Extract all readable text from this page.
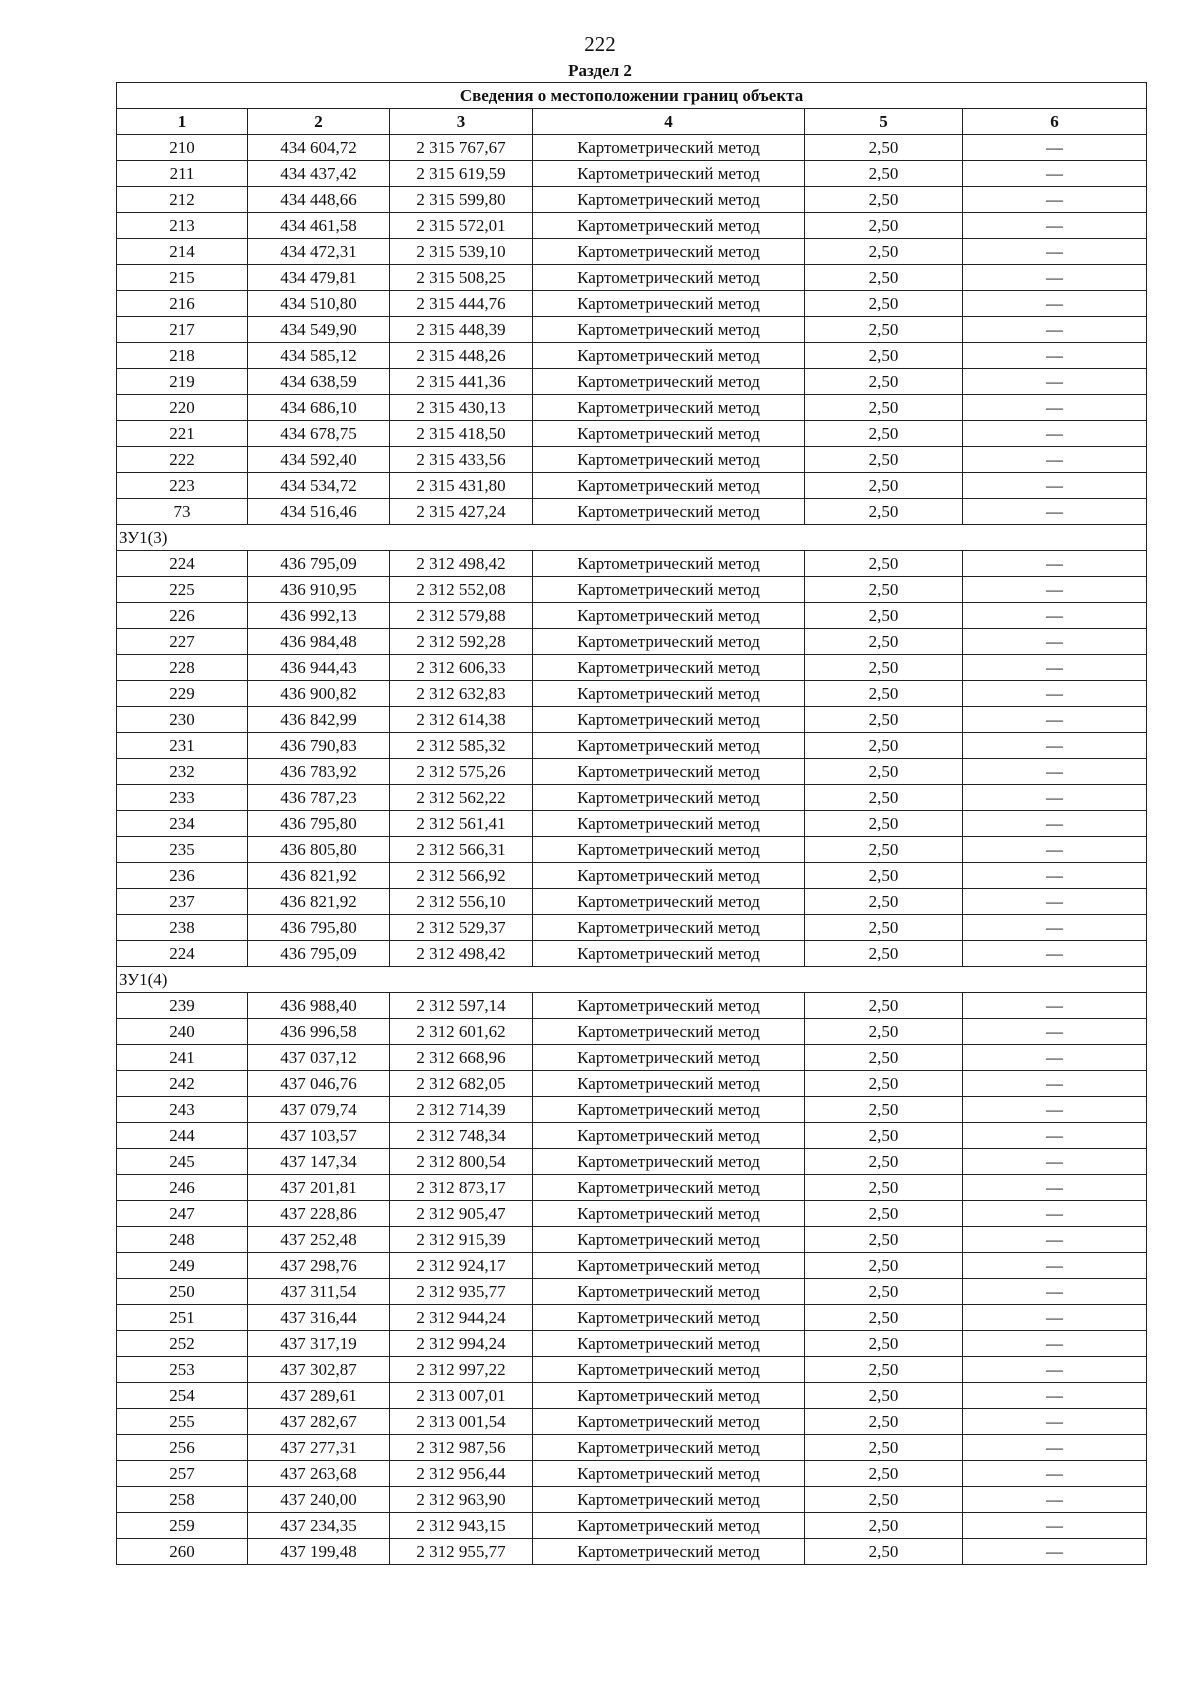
222
Раздел 2
Сведения о местоположении границ объекта					
1	2	3	4	5	6
210	434 604,72	2 315 767,67	Картометрический метод	2,50	—
211	434 437,42	2 315 619,59	Картометрический метод	2,50	—
212	434 448,66	2 315 599,80	Картометрический метод	2,50	—
213	434 461,58	2 315 572,01	Картометрический метод	2,50	—
214	434 472,31	2 315 539,10	Картометрический метод	2,50	—
215	434 479,81	2 315 508,25	Картометрический метод	2,50	—
216	434 510,80	2 315 444,76	Картометрический метод	2,50	—
217	434 549,90	2 315 448,39	Картометрический метод	2,50	—
218	434 585,12	2 315 448,26	Картометрический метод	2,50	—
219	434 638,59	2 315 441,36	Картометрический метод	2,50	—
220	434 686,10	2 315 430,13	Картометрический метод	2,50	—
221	434 678,75	2 315 418,50	Картометрический метод	2,50	—
222	434 592,40	2 315 433,56	Картометрический метод	2,50	—
223	434 534,72	2 315 431,80	Картометрический метод	2,50	—
73	434 516,46	2 315 427,24	Картометрический метод	2,50	—
ЗУ1(3)					
224	436 795,09	2 312 498,42	Картометрический метод	2,50	—
225	436 910,95	2 312 552,08	Картометрический метод	2,50	—
226	436 992,13	2 312 579,88	Картометрический метод	2,50	—
227	436 984,48	2 312 592,28	Картометрический метод	2,50	—
228	436 944,43	2 312 606,33	Картометрический метод	2,50	—
229	436 900,82	2 312 632,83	Картометрический метод	2,50	—
230	436 842,99	2 312 614,38	Картометрический метод	2,50	—
231	436 790,83	2 312 585,32	Картометрический метод	2,50	—
232	436 783,92	2 312 575,26	Картометрический метод	2,50	—
233	436 787,23	2 312 562,22	Картометрический метод	2,50	—
234	436 795,80	2 312 561,41	Картометрический метод	2,50	—
235	436 805,80	2 312 566,31	Картометрический метод	2,50	—
236	436 821,92	2 312 566,92	Картометрический метод	2,50	—
237	436 821,92	2 312 556,10	Картометрический метод	2,50	—
238	436 795,80	2 312 529,37	Картометрический метод	2,50	—
224	436 795,09	2 312 498,42	Картометрический метод	2,50	—
ЗУ1(4)					
239	436 988,40	2 312 597,14	Картометрический метод	2,50	—
240	436 996,58	2 312 601,62	Картометрический метод	2,50	—
241	437 037,12	2 312 668,96	Картометрический метод	2,50	—
242	437 046,76	2 312 682,05	Картометрический метод	2,50	—
243	437 079,74	2 312 714,39	Картометрический метод	2,50	—
244	437 103,57	2 312 748,34	Картометрический метод	2,50	—
245	437 147,34	2 312 800,54	Картометрический метод	2,50	—
246	437 201,81	2 312 873,17	Картометрический метод	2,50	—
247	437 228,86	2 312 905,47	Картометрический метод	2,50	—
248	437 252,48	2 312 915,39	Картометрический метод	2,50	—
249	437 298,76	2 312 924,17	Картометрический метод	2,50	—
250	437 311,54	2 312 935,77	Картометрический метод	2,50	—
251	437 316,44	2 312 944,24	Картометрический метод	2,50	—
252	437 317,19	2 312 994,24	Картометрический метод	2,50	—
253	437 302,87	2 312 997,22	Картометрический метод	2,50	—
254	437 289,61	2 313 007,01	Картометрический метод	2,50	—
255	437 282,67	2 313 001,54	Картометрический метод	2,50	—
256	437 277,31	2 312 987,56	Картометрический метод	2,50	—
257	437 263,68	2 312 956,44	Картометрический метод	2,50	—
258	437 240,00	2 312 963,90	Картометрический метод	2,50	—
259	437 234,35	2 312 943,15	Картометрический метод	2,50	—
260	437 199,48	2 312 955,77	Картометрический метод	2,50	—
